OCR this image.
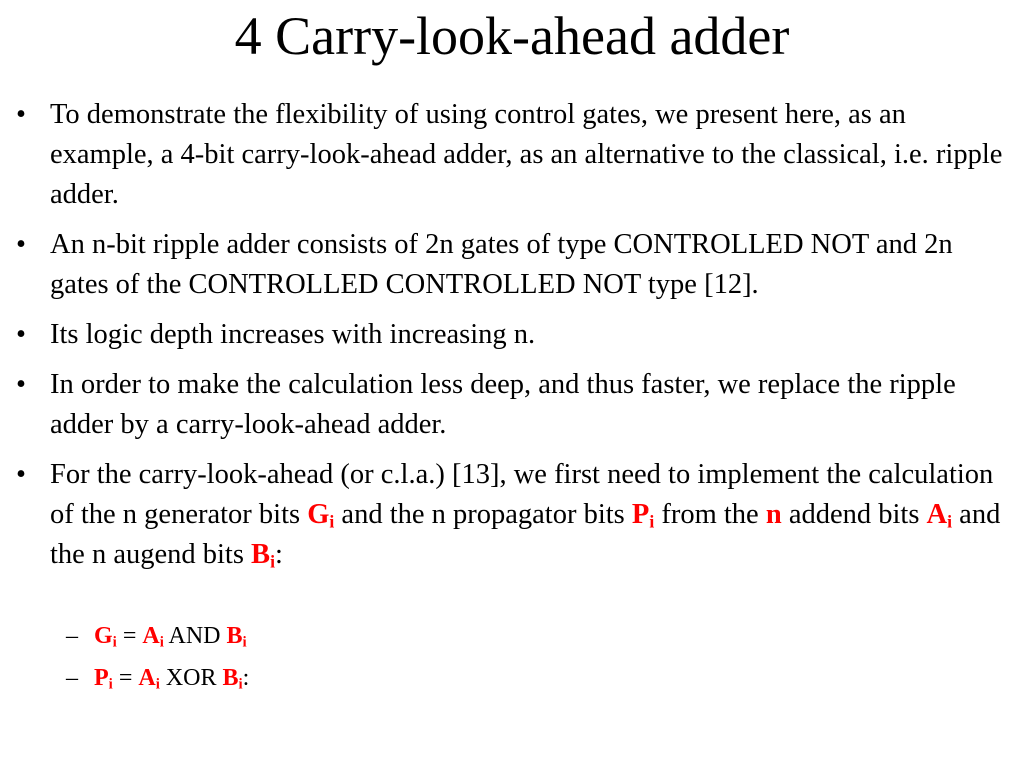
4 Carry-look-ahead adder
• To demonstrate the flexibility of using control gates, we present here, as an example, a 4-bit carry-look-ahead adder, as an alternative to the classical, i.e. ripple adder.
• An n-bit ripple adder consists of 2n gates of type CONTROLLED NOT and 2n gates of the CONTROLLED CONTROLLED NOT type [12].
• Its logic depth increases with increasing n.
• In order to make the calculation less deep, and thus faster, we replace the ripple adder by a carry-look-ahead adder.
• For the carry-look-ahead (or c.l.a.) [13], we first need to implement the calculation of the n generator bits $G_i$ and the n propagator bits $P_i$ from the n addend bits $A_i$ and the n augend bits $B_i$:
– $G_i = A_i$ AND $B_i$
– $P_i = A_i$ XOR $B_i$:
